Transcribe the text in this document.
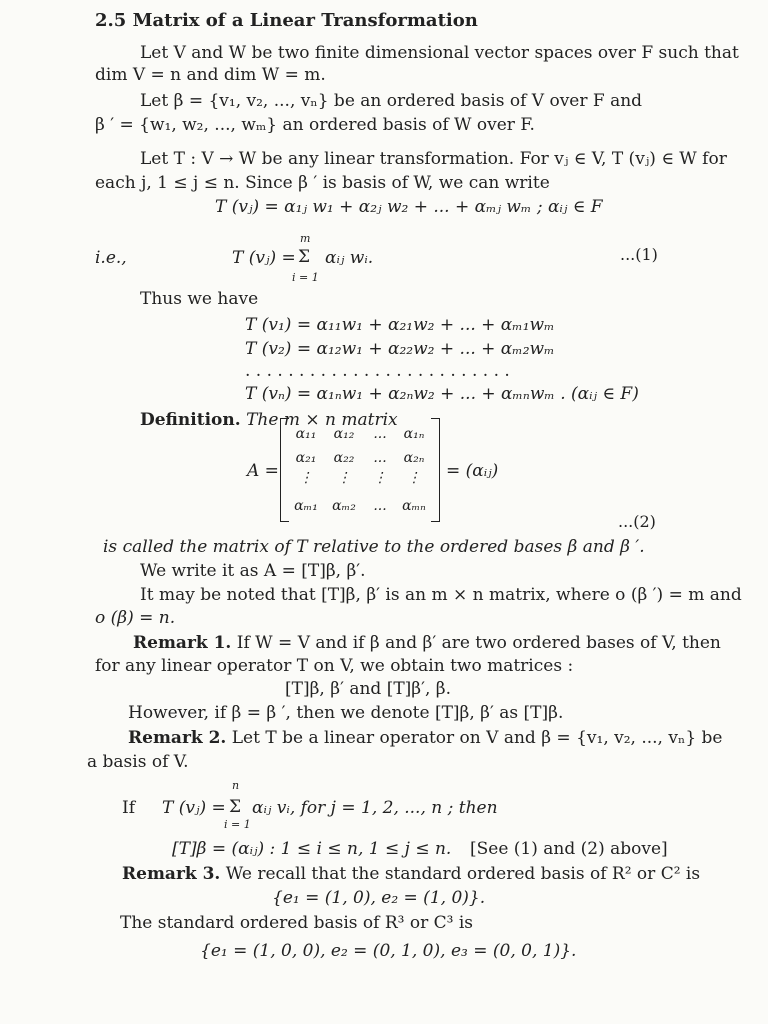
2.5 Matrix of a Linear Transformation
Let V and W be two finite dimensional vector spaces over F such that
dim V = n and dim W = m.
Let β = {v₁, v₂, ..., vₙ} be an ordered basis of V over F and
β ′ = {w₁, w₂, ..., wₘ} an ordered basis of W over F.
Let T : V → W be any linear transformation. For vⱼ ∈ V, T (vⱼ) ∈ W for
each j, 1 ≤ j ≤ n. Since β ′ is basis of W, we can write
T (vⱼ) = α₁ⱼ w₁ + α₂ⱼ w₂ + ... + αₘⱼ wₘ ; αᵢⱼ ∈ F
i.e.,	T (vⱼ) =
m
Σ
i = 1
αᵢⱼ wᵢ.	...(1)
Thus we have
T (v₁) = α₁₁w₁ + α₂₁w₂ + ... + αₘ₁wₘ
T (v₂) = α₁₂w₁ + α₂₂w₂ + ... + αₘ₂wₘ
. . . . . . . . . . . . . . . . . . . . . . . . .
T (vₙ) = α₁ₙw₁ + α₂ₙw₂ + ... + αₘₙwₘ . (αᵢⱼ ∈ F)
Definition. The m × n matrix
A =
α₁₁	α₁₂	...	α₁ₙ
α₂₁	α₂₂	...	α₂ₙ
⋮	⋮	⋮	⋮
αₘ₁	αₘ₂	...	αₘₙ
= (αᵢⱼ)
...(2)
is called the matrix of T relative to the ordered bases β and β ′.
We write it as A = [T]β, β′.
It may be noted that [T]β, β′ is an m × n matrix, where o (β ′) = m and
o (β) = n.
Remark 1. If W = V and if β and β′ are two ordered bases of V, then
for any linear operator T on V, we obtain two matrices :
[T]β, β′ and [T]β′, β.
However, if β = β ′, then we denote [T]β, β′ as [T]β.
Remark 2. Let T be a linear operator on V and β = {v₁, v₂, ..., vₙ} be
a basis of V.
If T (vⱼ) =
n
Σ
i = 1
αᵢⱼ vᵢ, for j = 1, 2, ..., n ; then
[T]β = (αᵢⱼ) : 1 ≤ i ≤ n, 1 ≤ j ≤ n. [See (1) and (2) above]
Remark 3. We recall that the standard ordered basis of R² or C² is
{e₁ = (1, 0), e₂ = (1, 0)}.
The standard ordered basis of R³ or C³ is
{e₁ = (1, 0, 0), e₂ = (0, 1, 0), e₃ = (0, 0, 1)}.
